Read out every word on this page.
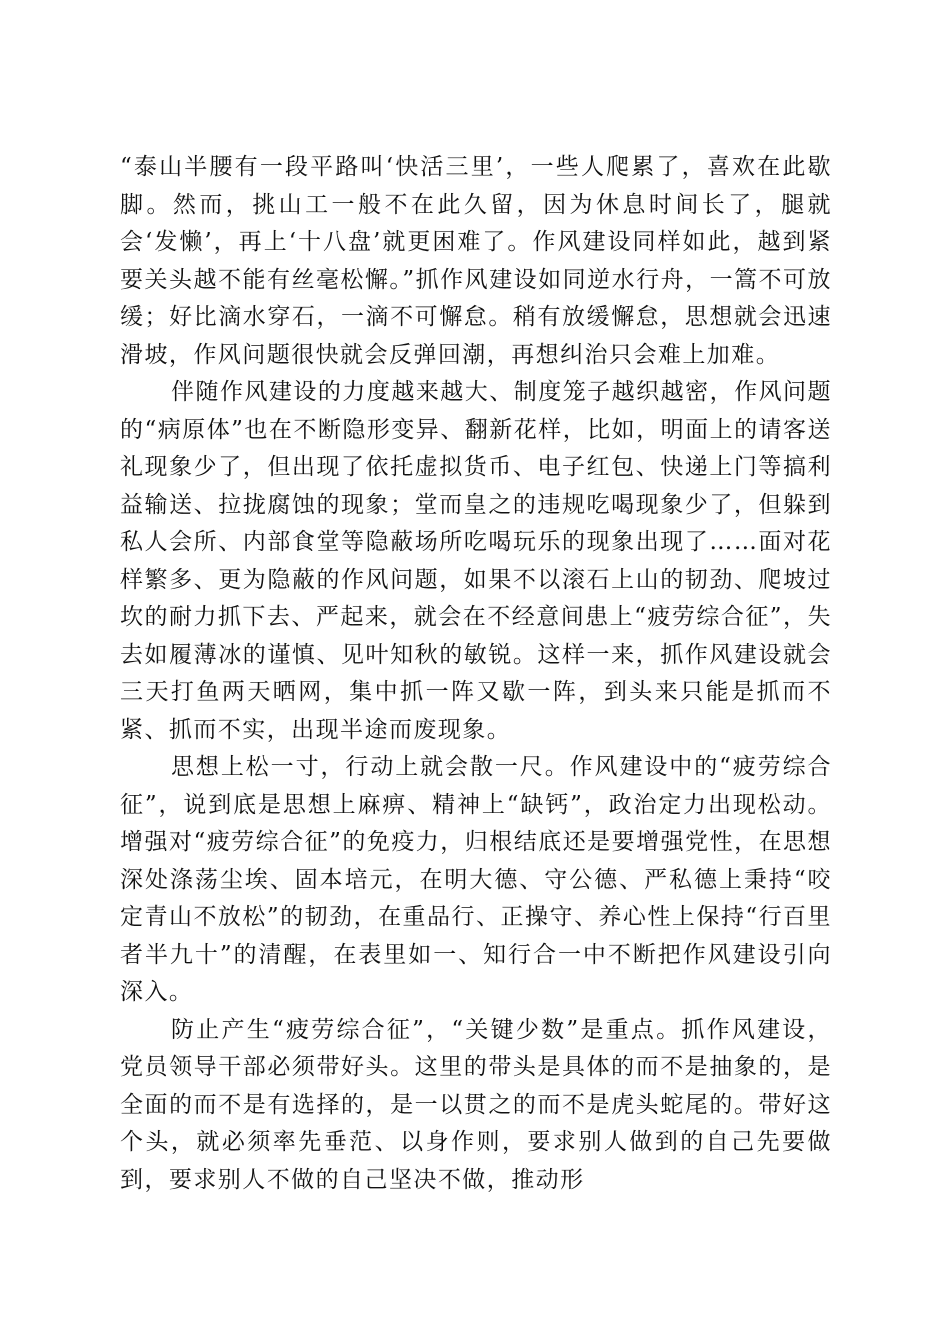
“泰山半腰有一段平路叫‘快活三里’，一些人爬累了，喜欢在此歇脚。然而，挑山工一般不在此久留，因为休息时间长了，腿就会‘发懒’，再上‘十八盘’就更困难了。作风建设同样如此，越到紧要关头越不能有丝毫松懈。”抓作风建设如同逆水行舟，一篙不可放缓；好比滴水穿石，一滴不可懈怠。稍有放缓懈怠，思想就会迅速滑坡，作风问题很快就会反弹回潮，再想纠治只会难上加难。

伴随作风建设的力度越来越大、制度笼子越织越密，作风问题的“病原体”也在不断隐形变异、翻新花样，比如，明面上的请客送礼现象少了，但出现了依托虚拟货币、电子红包、快递上门等搞利益输送、拉拢腐蚀的现象；堂而皇之的违规吃喝现象少了，但躲到私人会所、内部食堂等隐蔽场所吃喝玩乐的现象出现了……面对花样繁多、更为隐蔽的作风问题，如果不以滚石上山的韧劲、爬坡过坎的耐力抓下去、严起来，就会在不经意间患上“疲劳综合征”，失去如履薄冰的谨慎、见叶知秋的敏锐。这样一来，抓作风建设就会三天打鱼两天晒网，集中抓一阵又歇一阵，到头来只能是抓而不紧、抓而不实，出现半途而废现象。

思想上松一寸，行动上就会散一尺。作风建设中的“疲劳综合征”，说到底是思想上麻痹、精神上“缺钙”，政治定力出现松动。增强对“疲劳综合征”的免疫力，归根结底还是要增强党性，在思想深处涤荡尘埃、固本培元，在明大德、守公德、严私德上秉持“咬定青山不放松”的韧劲，在重品行、正操守、养心性上保持“行百里者半九十”的清醒，在表里如一、知行合一中不断把作风建设引向深入。

防止产生“疲劳综合征”，“关键少数”是重点。抓作风建设，党员领导干部必须带好头。这里的带头是具体的而不是抽象的，是全面的而不是有选择的，是一以贯之的而不是虎头蛇尾的。带好这个头，就必须率先垂范、以身作则，要求别人做到的自己先要做到，要求别人不做的自己坚决不做，推动形
